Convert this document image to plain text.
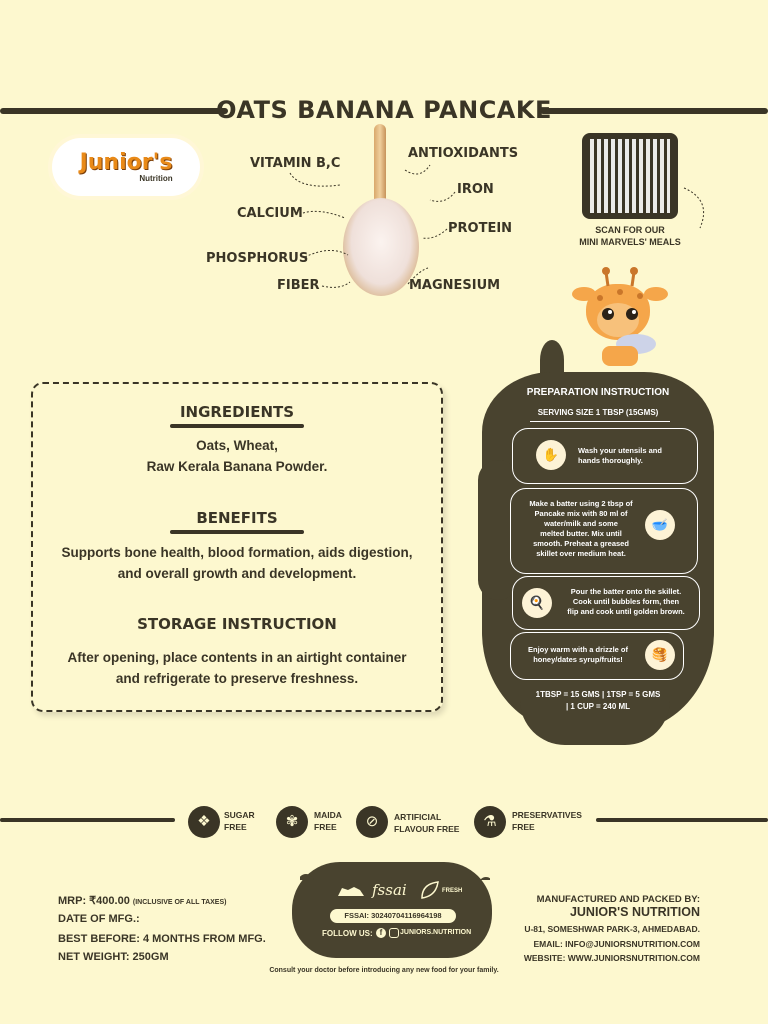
OATS BANANA PANCAKE
Junior's
Nutrition
VITAMIN B,C
ANTIOXIDANTS
IRON
CALCIUM
PROTEIN
PHOSPHORUS
FIBER	MAGNESIUM
SCAN FOR OUR
MINI MARVELS' MEALS
INGREDIENTS
Oats, Wheat,
Raw Kerala Banana Powder.
BENEFITS
Supports bone health, blood formation, aids digestion,
and overall growth and development.
STORAGE INSTRUCTION
After opening, place contents in an airtight container
and refrigerate to preserve freshness.
PREPARATION INSTRUCTION
SERVING SIZE 1 TBSP (15GMS)
✋	Wash your utensils and
hands thoroughly.
🥣
Make a batter using 2 tbsp of
Pancake mix with 80 ml of
water/milk and some
melted butter. Mix until
smooth. Preheat a greased
skillet over medium heat.
🍳
Pour the batter onto the skillet.
Cook until bubbles form, then
flip and cook until golden brown.
🥞
Enjoy warm with a drizzle of
honey/dates syrup/fruits!
1TBSP = 15 GMS | 1TSP = 5 GMS
| 1 CUP = 240 ML
❖	SUGAR
FREE	✾	MAIDA
FREE	⊘	ARTIFICIAL
FLAVOUR FREE	⚗	PRESERVATIVES
FREE
MRP: ₹400.00 (INCLUSIVE OF ALL TAXES)
DATE OF MFG.:
BEST BEFORE: 4 MONTHS FROM MFG.
NET WEIGHT: 250GM
fssai	FRESH
FSSAI: 30240704116964198
FOLLOW US: f	JUNIORS.NUTRITION
Consult your doctor before introducing any new food for your family.
MANUFACTURED AND PACKED BY:
JUNIOR'S NUTRITION
U-81, SOMESHWAR PARK-3, AHMEDABAD.
EMAIL: INFO@JUNIORSNUTRITION.COM
WEBSITE: WWW.JUNIORSNUTRITION.COM
